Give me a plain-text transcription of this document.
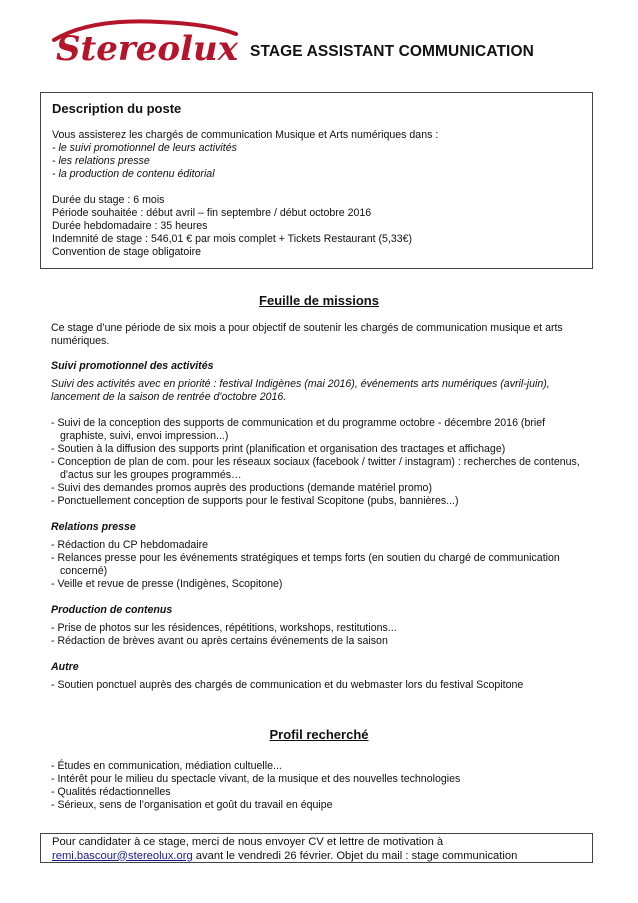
Stereolux STAGE ASSISTANT COMMUNICATION
Description du poste
Vous assisterez les chargés de communication Musique et Arts numériques dans :
- le suivi promotionnel de leurs activités
- les relations presse
- la production de contenu éditorial
Durée du stage : 6 mois
Période souhaitée : début avril – fin septembre / début octobre 2016
Durée hebdomadaire : 35 heures
Indemnité de stage : 546,01 € par mois complet + Tickets Restaurant (5,33€)
Convention de stage obligatoire
Feuille de missions
Ce stage d’une période de six mois a pour objectif de soutenir les chargés de communication musique et arts numériques.
Suivi promotionnel des activités
Suivi des activités avec en priorité : festival Indigènes (mai 2016), événements arts numériques (avril-juin), lancement de la saison de rentrée d'octobre 2016.
- Suivi de la conception des supports de communication et du programme octobre - décembre 2016 (brief graphiste, suivi, envoi impression...)
- Soutien à la diffusion des supports print (planification et organisation des tractages et affichage)
- Conception de plan de com. pour les réseaux sociaux (facebook / twitter / instagram) : recherches de contenus, d'actus sur les groupes programmés…
- Suivi des demandes promos auprès des productions (demande matériel promo)
- Ponctuellement conception de supports pour le festival Scopitone (pubs, bannières...)
Relations presse
- Rédaction du CP hebdomadaire
- Relances presse pour les événements stratégiques et temps forts (en soutien du chargé de communication concerné)
- Veille et revue de presse (Indigènes, Scopitone)
Production de contenus
- Prise de photos sur les résidences, répétitions, workshops, restitutions...
- Rédaction de brèves avant ou après certains événements de la saison
Autre
- Soutien ponctuel auprès des chargés de communication et du webmaster lors du festival Scopitone
Profil recherché
- Études en communication, médiation cultuelle...
- Intérêt pour le milieu du spectacle vivant, de la musique et des nouvelles technologies
- Qualités rédactionnelles
- Sérieux, sens de l’organisation et goût du travail en équipe
Pour candidater à ce stage, merci de nous envoyer CV et lettre de motivation à
remi.bascour@stereolux.org avant le vendredi 26 février. Objet du mail : stage communication
